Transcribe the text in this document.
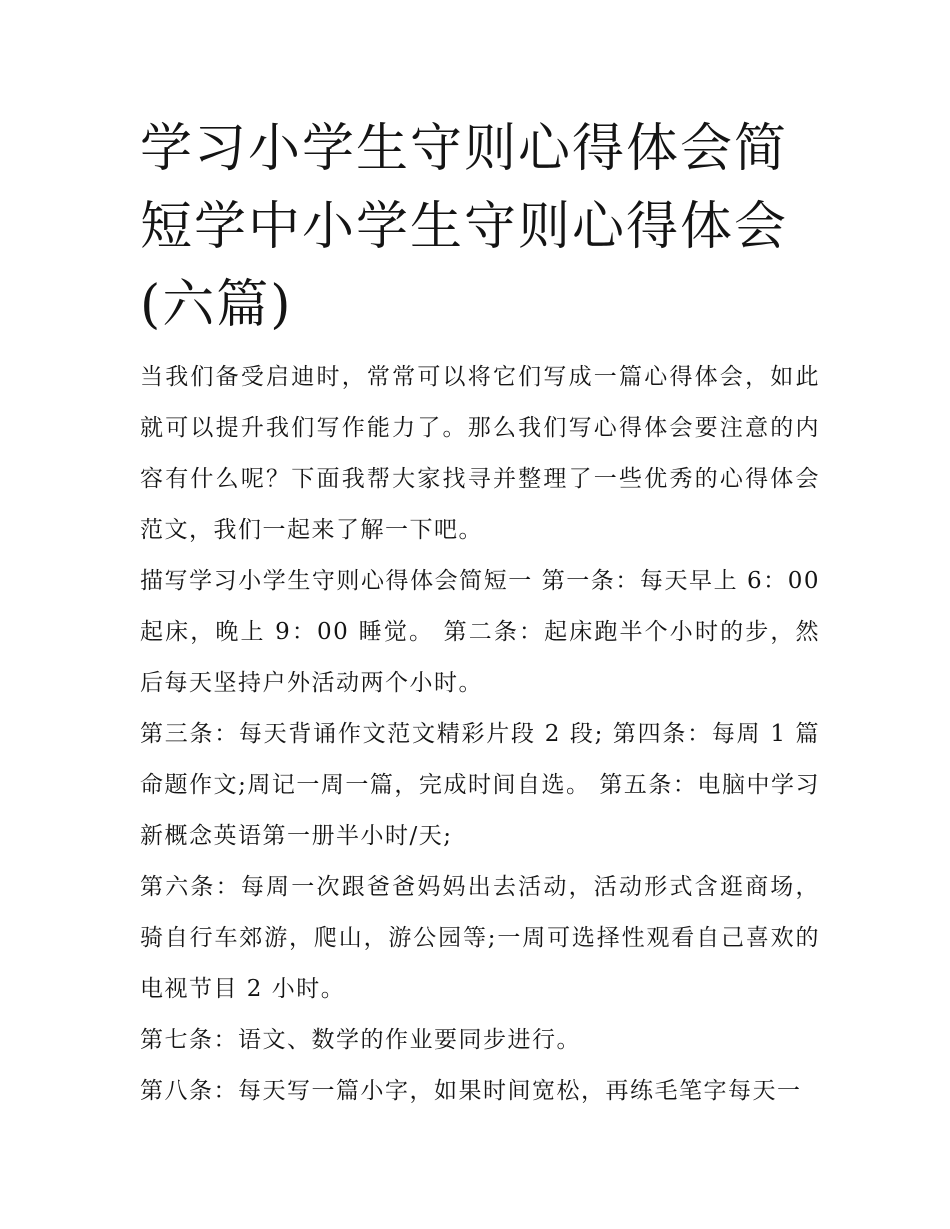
学习小学生守则心得体会简短学中小学生守则心得体会(六篇)

当我们备受启迪时，常常可以将它们写成一篇心得体会，如此就可以提升我们写作能力了。那么我们写心得体会要注意的内容有什么呢？下面我帮大家找寻并整理了一些优秀的心得体会范文，我们一起来了解一下吧。

描写学习小学生守则心得体会简短一 第一条：每天早上 6：00 起床，晚上 9：00 睡觉。 第二条：起床跑半个小时的步，然后每天坚持户外活动两个小时。

第三条：每天背诵作文范文精彩片段 2 段; 第四条：每周 1 篇命题作文;周记一周一篇，完成时间自选。 第五条：电脑中学习新概念英语第一册半小时/天;

第六条：每周一次跟爸爸妈妈出去活动，活动形式含逛商场，骑自行车郊游，爬山，游公园等;一周可选择性观看自己喜欢的电视节目 2 小时。

第七条：语文、数学的作业要同步进行。

第八条：每天写一篇小字，如果时间宽松，再练毛笔字每天一
